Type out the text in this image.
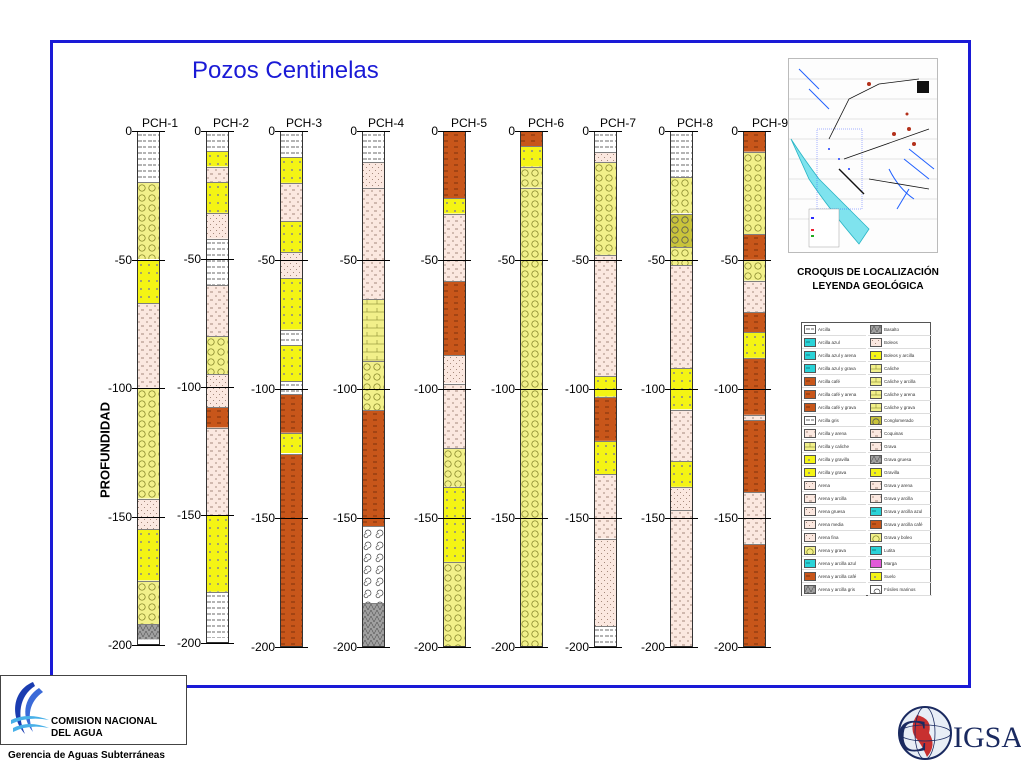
Pozos Centinelas
PROFUNDIDAD
PCH-1
0
-50
-100
-150
-200
PCH-2
0
-50
-100
-150
-200
PCH-3
0
-50
-100
-150
-200
PCH-4
0
-50
-100
-150
-200
PCH-5
0
-50
-100
-150
-200
PCH-6
0
-50
-100
-150
-200
PCH-7
0
-50
-100
-150
-200
PCH-8
0
-50
-100
-150
-200
PCH-9
0
-50
-100
-150
-200
CROQUIS DE LOCALIZACIÓN
LEYENDA GEOLÓGICA
Arcilla
Arcilla azul
Arcilla azul y arena
Arcilla azul y grava
Arcilla café
Arcilla café y arena
Arcilla café y grava
Arcilla gris
Arcilla y arena
Arcilla y caliche
Arcilla y gravilla
Arcilla y grava
Arena
Arena y arcilla
Arena gruesa
Arena media
Arena fina
Arena y grava
Arena y arcilla azul
Arena y arcilla café
Arena y arcilla gris
Basalto
Boleos
Boleos y arcilla
Caliche
Caliche y arcilla
Caliche y arena
Caliche y grava
Conglomerado
Coquinas
Grava
Grava gruesa
Gravilla
Grava y arena
Grava y arcilla
Grava y arcilla azul
Grava y arcilla café
Grava y boleo
Lutita
Marga
Suelo
Fósiles marinos
COMISION NACIONAL
DEL AGUA
Gerencia de Aguas Subterráneas	C IGSA
